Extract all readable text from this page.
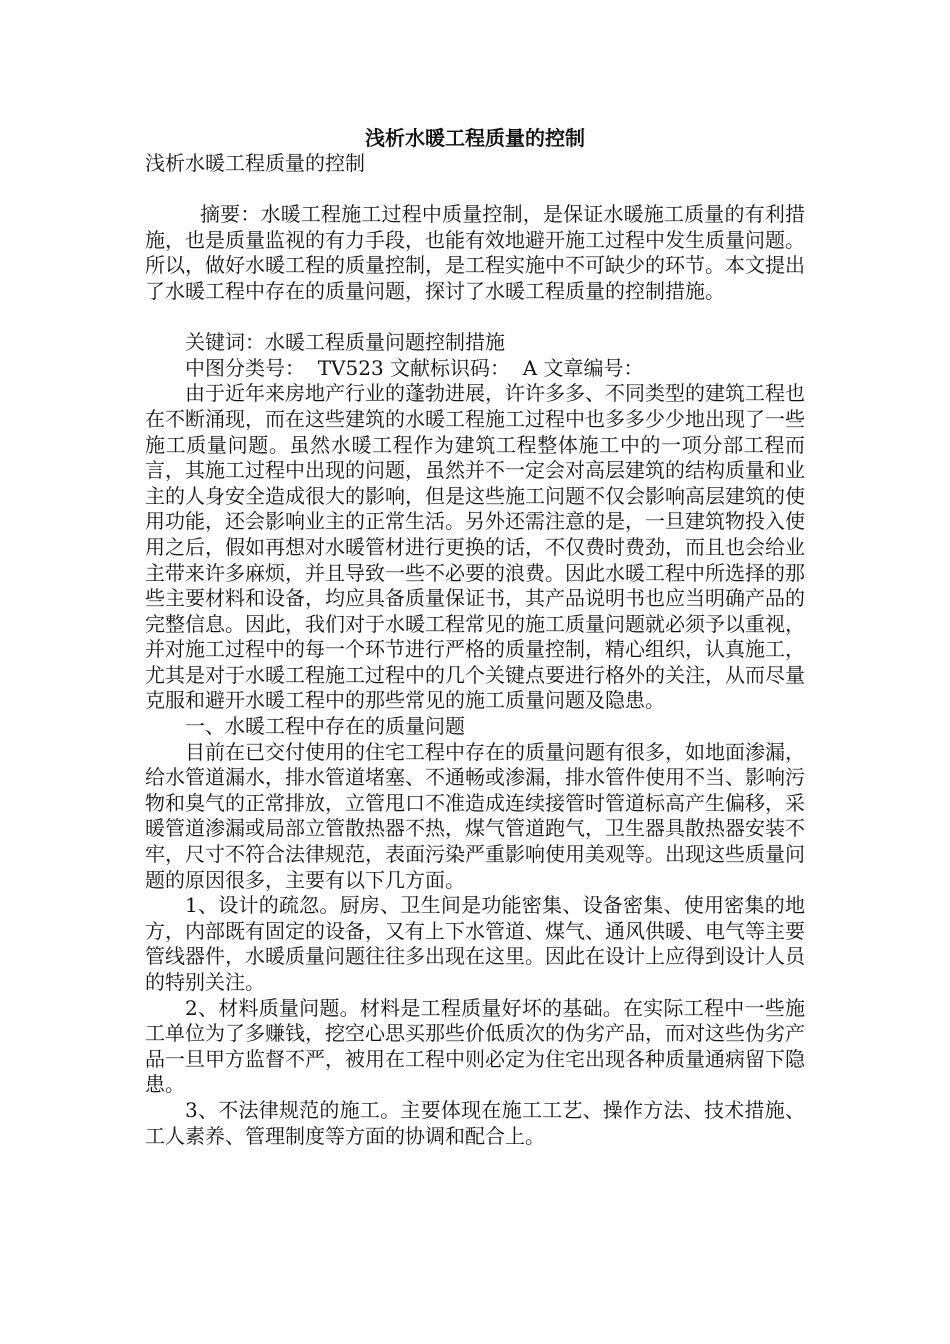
浅析水暖工程质量的控制

浅析水暖工程质量的控制

摘要：水暖工程施工过程中质量控制，是保证水暖施工质量的有利措施，也是质量监视的有力手段，也能有效地避开施工过程中发生质量问题。所以，做好水暖工程的质量控制，是工程实施中不可缺少的环节。本文提出了水暖工程中存在的质量问题，探讨了水暖工程质量的控制措施。

关键词：水暖工程质量问题控制措施

中图分类号：  TV523 文献标识码：  A 文章编号：

由于近年来房地产行业的蓬勃进展，许许多多、不同类型的建筑工程也在不断涌现，而在这些建筑的水暖工程施工过程中也多多少少地出现了一些施工质量问题。虽然水暖工程作为建筑工程整体施工中的一项分部工程而言，其施工过程中出现的问题，虽然并不一定会对高层建筑的结构质量和业主的人身安全造成很大的影响，但是这些施工问题不仅会影响高层建筑的使用功能，还会影响业主的正常生活。另外还需注意的是，一旦建筑物投入使用之后，假如再想对水暖管材进行更换的话，不仅费时费劲，而且也会给业主带来许多麻烦，并且导致一些不必要的浪费。因此水暖工程中所选择的那些主要材料和设备，均应具备质量保证书，其产品说明书也应当明确产品的完整信息。因此，我们对于水暖工程常见的施工质量问题就必须予以重视，并对施工过程中的每一个环节进行严格的质量控制，精心组织，认真施工，尤其是对于水暖工程施工过程中的几个关键点要进行格外的关注，从而尽量克服和避开水暖工程中的那些常见的施工质量问题及隐患。

一、水暖工程中存在的质量问题

目前在已交付使用的住宅工程中存在的质量问题有很多，如地面渗漏，给水管道漏水，排水管道堵塞、不通畅或渗漏，排水管件使用不当、影响污物和臭气的正常排放，立管甩口不准造成连续接管时管道标高产生偏移，采暖管道渗漏或局部立管散热器不热，煤气管道跑气，卫生器具散热器安装不牢，尺寸不符合法律规范，表面污染严重影响使用美观等。出现这些质量问题的原因很多，主要有以下几方面。

1、设计的疏忽。厨房、卫生间是功能密集、设备密集、使用密集的地方，内部既有固定的设备，又有上下水管道、煤气、通风供暖、电气等主要管线器件，水暖质量问题往往多出现在这里。因此在设计上应得到设计人员的特别关注。

2、材料质量问题。材料是工程质量好坏的基础。在实际工程中一些施工单位为了多赚钱，挖空心思买那些价低质次的伪劣产品，而对这些伪劣产品一旦甲方监督不严，被用在工程中则必定为住宅出现各种质量通病留下隐患。

3、不法律规范的施工。主要体现在施工工艺、操作方法、技术措施、工人素养、管理制度等方面的协调和配合上。
